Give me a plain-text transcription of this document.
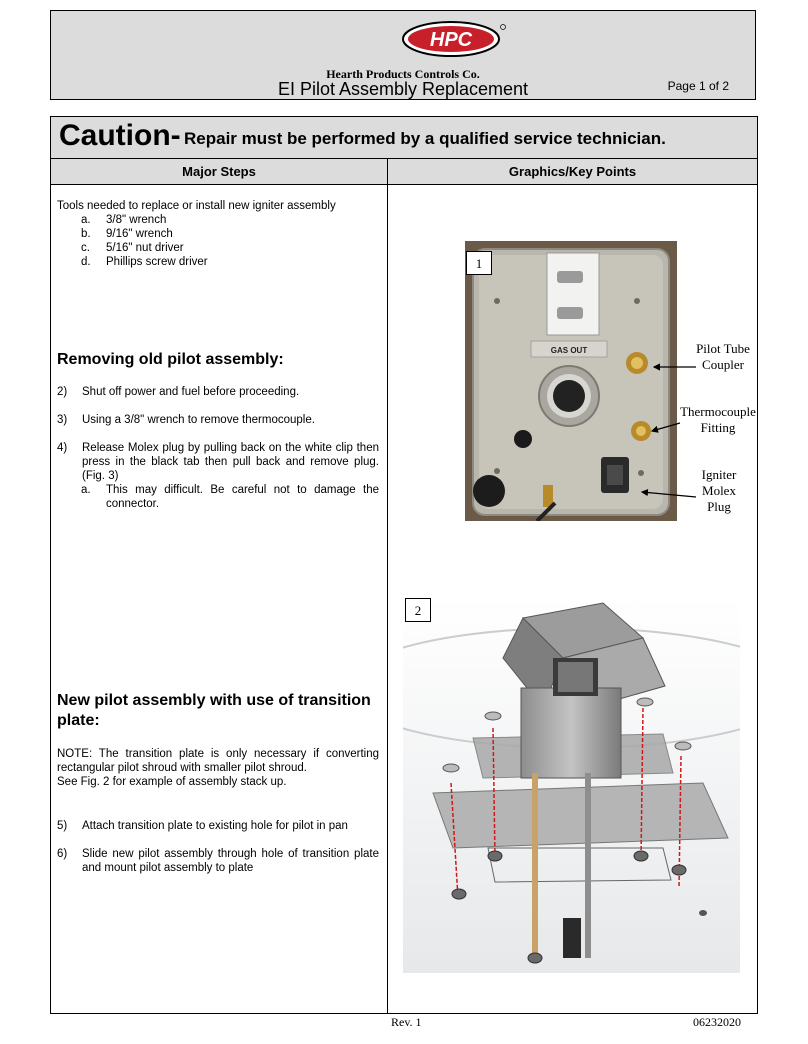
HPC
Hearth Products Controls Co.
EI Pilot Assembly Replacement	Page 1 of 2
Caution- Repair must be performed by a qualified service technician.
Major Steps	Graphics/Key Points
Tools needed to replace or install new igniter assembly
a. 3/8" wrench
b. 9/16" wrench
c. 5/16" nut driver
d. Phillips screw driver
Removing old pilot assembly:
2) Shut off power and fuel before proceeding.
3) Using a 3/8" wrench to remove thermocouple.
4) Release Molex plug by pulling back on the white clip then press in the black tab then pull back and remove plug. (Fig. 3)
a. This may difficult. Be careful not to damage the connector.
New pilot assembly with use of transition plate:
NOTE: The transition plate is only necessary if converting rectangular pilot shroud with smaller pilot shroud.
See Fig. 2 for example of assembly stack up.
5) Attach transition plate to existing hole for pilot in pan
6) Slide new pilot assembly through hole of transition plate and mount pilot assembly to plate
GAS OUT
1
Pilot Tube Coupler
Thermocouple Fitting
Igniter Molex Plug
2
Rev. 1	06232020
